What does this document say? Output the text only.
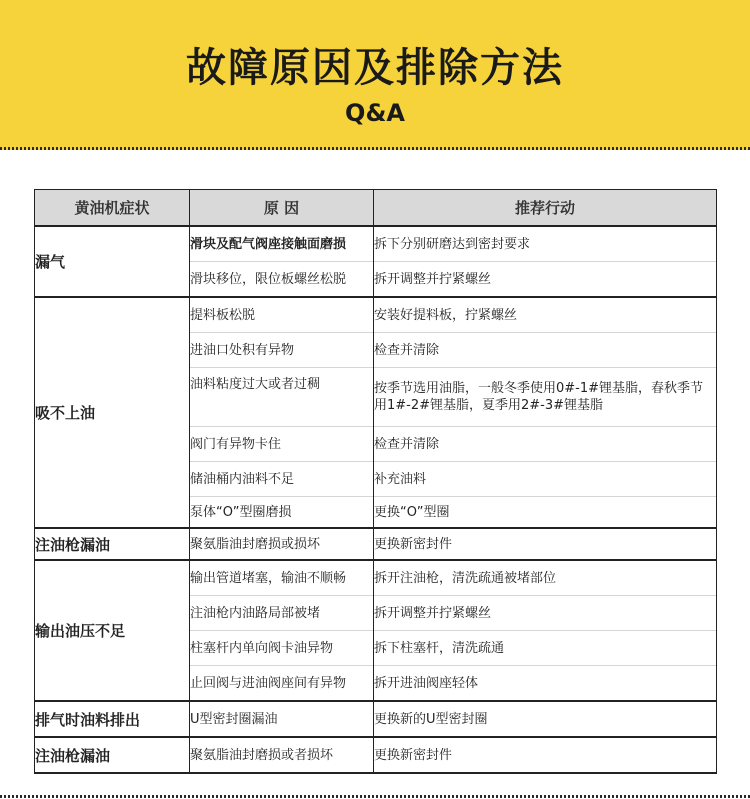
故障原因及排除方法
Q&A
黄油机症状	原 因	推荐行动
漏气	滑块及配气阀座接触面磨损	拆下分别研磨达到密封要求
	滑块移位，限位板螺丝松脱	拆开调整并拧紧螺丝
吸不上油	提料板松脱	安装好提料板，拧紧螺丝
	进油口处积有异物	检查并清除
	油料粘度过大或者过稠	按季节选用油脂，一般冬季使用0#-1#锂基脂，春秋季节用1#-2#锂基脂，夏季用2#-3#锂基脂
	阀门有异物卡住	检查并清除
	储油桶内油料不足	补充油料
	泵体“O”型圈磨损	更换“O”型圈
注油枪漏油	聚氨脂油封磨损或损坏	更换新密封件
输出油压不足	输出管道堵塞，输油不顺畅	拆开注油枪，清洗疏通被堵部位
	注油枪内油路局部被堵	拆开调整并拧紧螺丝
	柱塞杆内单向阀卡油异物	拆下柱塞杆，清洗疏通
	止回阀与进油阀座间有异物	拆开进油阀座轻体
排气时油料排出	U型密封圈漏油	更换新的U型密封圈
注油枪漏油	聚氨脂油封磨损或者损坏	更换新密封件
